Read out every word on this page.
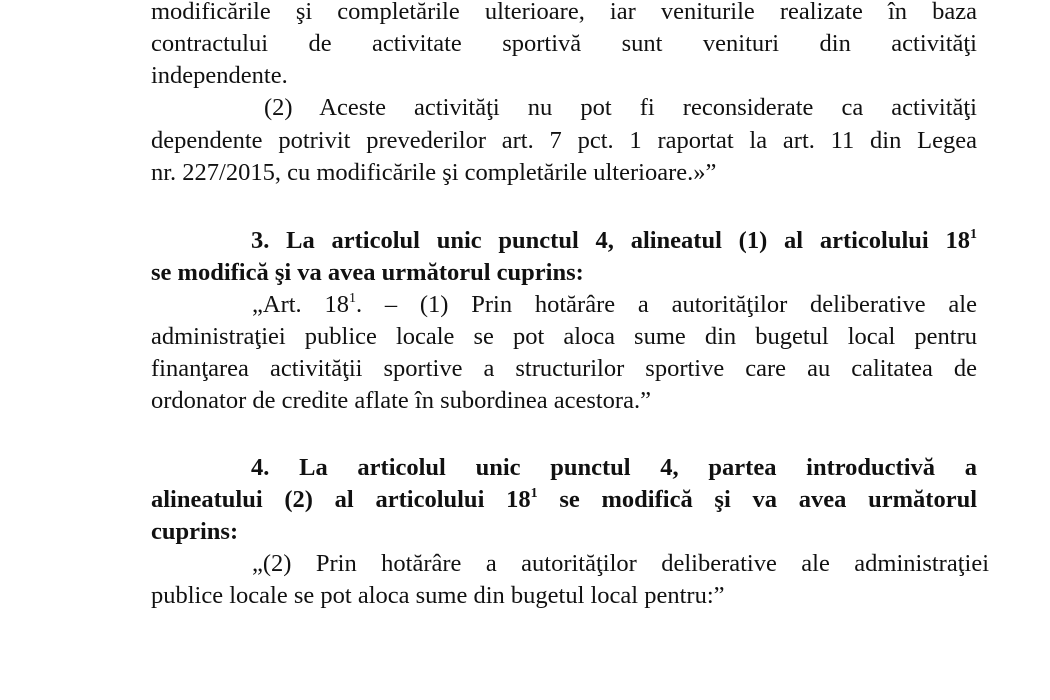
modificările şi completările ulterioare, iar veniturile realizate în baza
contractului de activitate sportivă sunt venituri din activităţi
independente.
(2) Aceste activităţi nu pot fi reconsiderate ca activităţi
dependente potrivit prevederilor art. 7 pct. 1 raportat la art. 11 din Legea
nr. 227/2015, cu modificările şi completările ulterioare.»”
3. La articolul unic punctul 4, alineatul (1) al articolului $18^1$
se modifică şi va avea următorul cuprins:
„Art. $18^1$. – (1) Prin hotărâre a autorităţilor deliberative ale
administraţiei publice locale se pot aloca sume din bugetul local pentru
finanţarea activităţii sportive a structurilor sportive care au calitatea de
ordonator de credite aflate în subordinea acestora.”
4. La articolul unic punctul 4, partea introductivă a
alineatului (2) al articolului $18^1$ se modifică şi va avea următorul
cuprins:
„(2) Prin hotărâre a autorităţilor deliberative ale administraţiei
publice locale se pot aloca sume din bugetul local pentru:”
